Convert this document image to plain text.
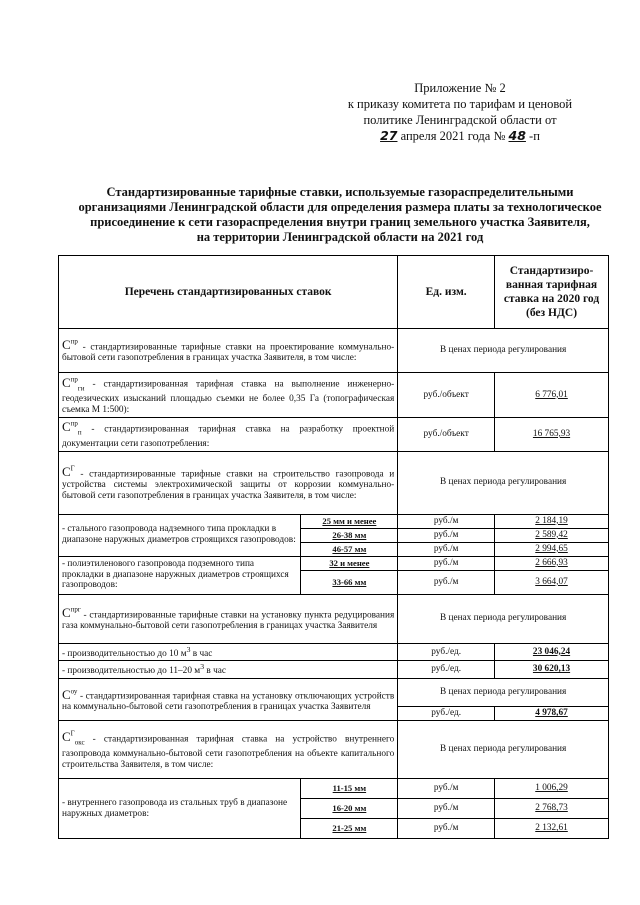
Приложение № 2
к приказу комитета по тарифам и ценовой
политике Ленинградской области от
27 апреля 2021 года № 48 -п
Стандартизированные тарифные ставки, используемые газораспределительными
организациями Ленинградской области для определения размера платы за технологическое
присоединение к сети газораспределения внутри границ земельного участка Заявителя,
на территории Ленинградской области на 2021 год
Перечень стандартизированных ставок		Ед. изм.	Стандартизиро-ванная тарифная ставка на 2020 год (без НДС)
$С^{пр}$ - стандартизированные тарифные ставки на проектирование коммунально-бытовой сети газопотребления в границах участка Заявителя, в том числе:		В ценах периода регулирования	
$С^{пр}_{ги}$ - стандартизированная тарифная ставка на выполнение инженерно-геодезических изысканий площадью съемки не более 0,35 Га (топографическая съемка М 1:500):		руб./объект	6 776,01
$С^{пр}_п$ - стандартизированная тарифная ставка на разработку проектной документации сети газопотребления:		руб./объект	16 765,93
$С^Г$ - стандартизированные тарифные ставки на строительство газопровода и устройства системы электрохимической защиты от коррозии коммунально-бытовой сети газопотребления в границах участка Заявителя, в том числе:		В ценах периода регулирования	
- стального газопровода надземного типа прокладки в диапазоне наружных диаметров строящихся газопроводов:	25 мм и менее	руб./м	2 184,19
	26-38 мм	руб./м	2 589,42
	46-57 мм	руб./м	2 994,65
- полиэтиленового газопровода подземного типа прокладки в диапазоне наружных диаметров строящихся газопроводов:	32 и менее	руб./м	2 666,93
	33-66 мм	руб./м	3 664,07
$С^{прг}$ - стандартизированные тарифные ставки на установку пункта редуцирования газа коммунально-бытовой сети газопотребления в границах участка Заявителя		В ценах периода регулирования	
- производительностью до 10 $м^3$ в час		руб./ед.	23 046,24
- производительностью до 11–20 $м^3$ в час		руб./ед.	30 620,13
$С^{оу}$ - стандартизированная тарифная ставка на установку отключающих устройств на коммунально-бытовой сети газопотребления в границах участка Заявителя		В ценах периода регулирования	
		руб./ед.	4 978,67
$С^Г_{окс}$ - стандартизированная тарифная ставка на устройство внутреннего газопровода коммунально-бытовой сети газопотребления на объекте капитального строительства Заявителя, в том числе:		В ценах периода регулирования	
- внутреннего газопровода из стальных труб в диапазоне наружных диаметров:	11-15 мм	руб./м	1 006,29
	16-20 мм	руб./м	2 768,73
	21-25 мм	руб./м	2 132,61
